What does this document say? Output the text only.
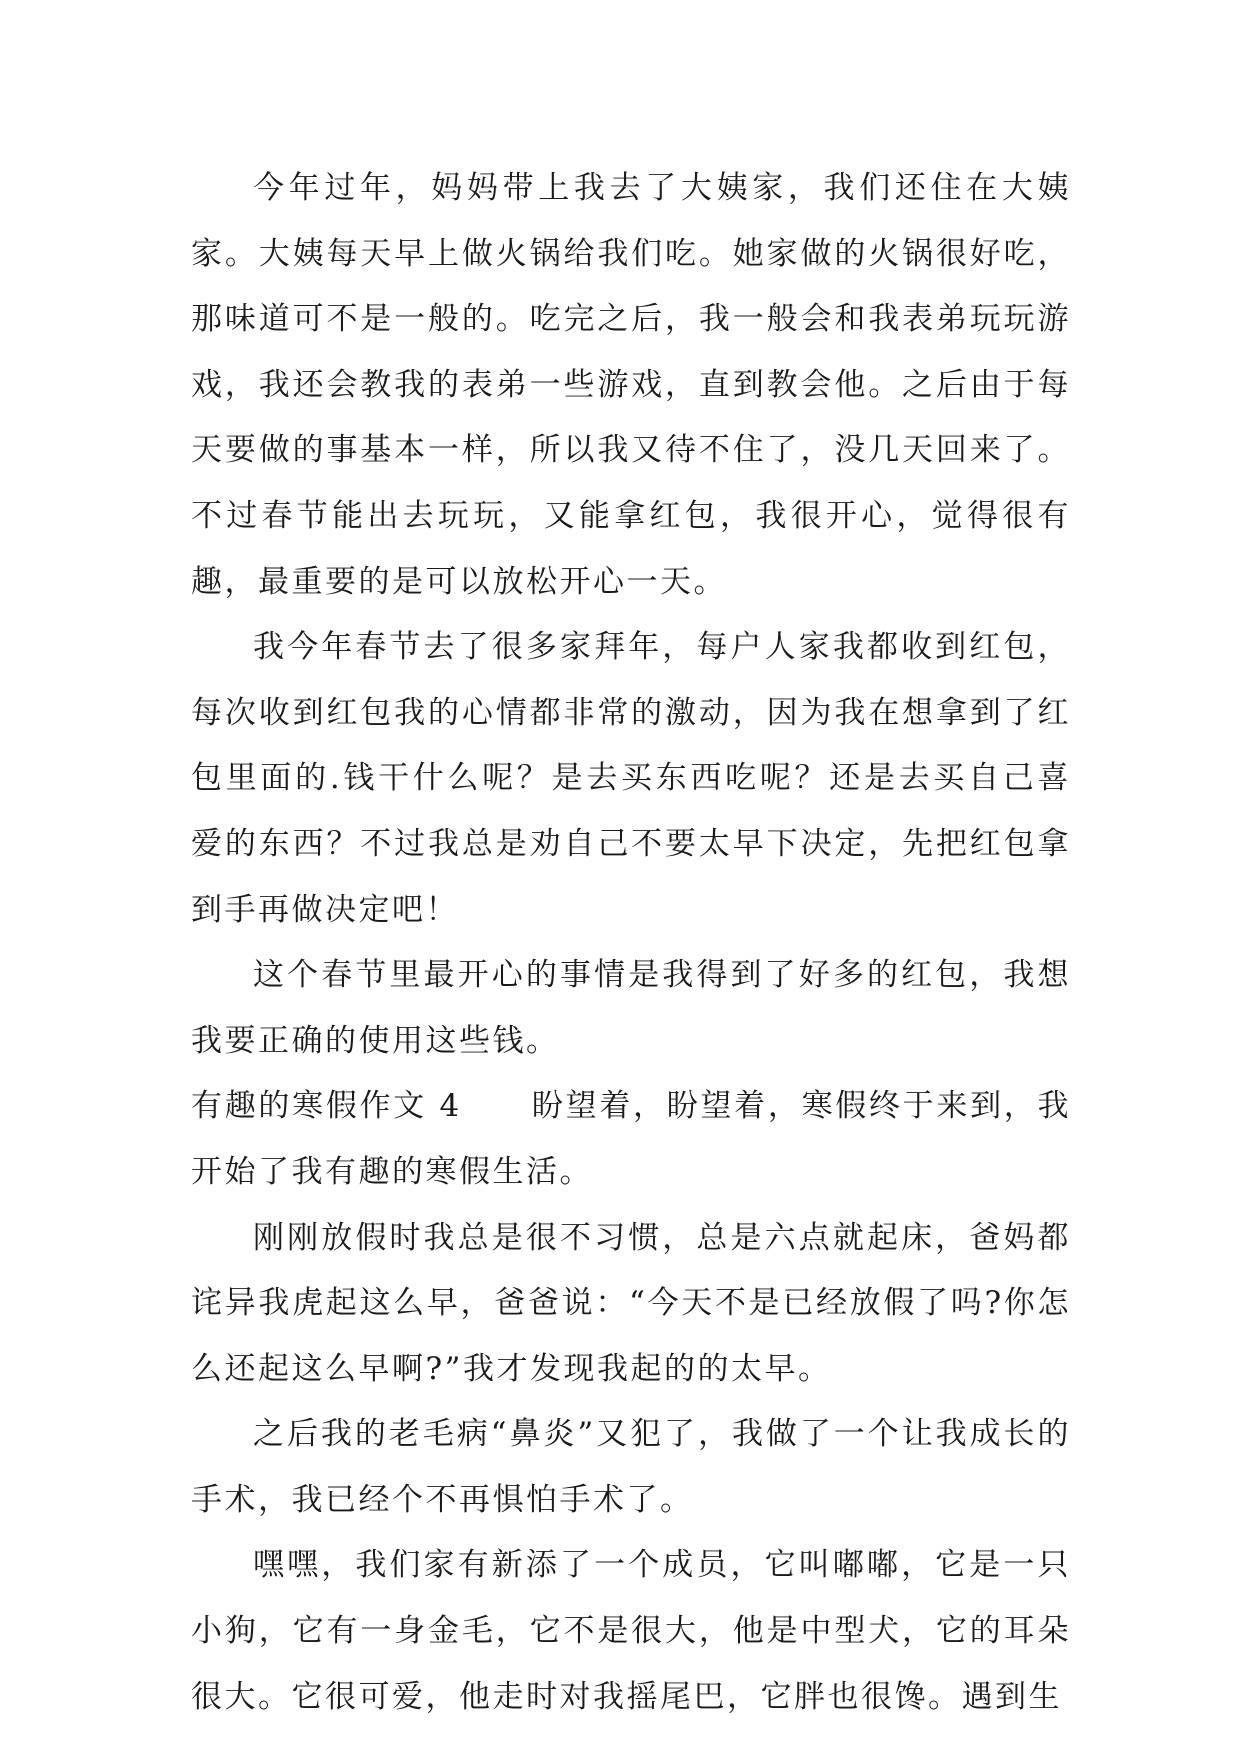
今年过年，妈妈带上我去了大姨家，我们还住在大姨家。大姨每天早上做火锅给我们吃。她家做的火锅很好吃，那味道可不是一般的。吃完之后，我一般会和我表弟玩玩游戏，我还会教我的表弟一些游戏，直到教会他。之后由于每天要做的事基本一样，所以我又待不住了，没几天回来了。不过春节能出去玩玩，又能拿红包，我很开心，觉得很有趣，最重要的是可以放松开心一天。

我今年春节去了很多家拜年，每户人家我都收到红包，每次收到红包我的心情都非常的激动，因为我在想拿到了红包里面的.钱干什么呢？是去买东西吃呢？还是去买自己喜爱的东西？不过我总是劝自己不要太早下决定，先把红包拿到手再做决定吧！

这个春节里最开心的事情是我得到了好多的红包，我想我要正确的使用这些钱。

有趣的寒假作文 4 盼望着，盼望着，寒假终于来到，我开始了我有趣的寒假生活。

刚刚放假时我总是很不习惯，总是六点就起床，爸妈都诧异我虎起这么早，爸爸说：“今天不是已经放假了吗?你怎么还起这么早啊?”我才发现我起的的太早。

之后我的老毛病“鼻炎”又犯了，我做了一个让我成长的手术，我已经个不再惧怕手术了。

嘿嘿，我们家有新添了一个成员，它叫嘟嘟，它是一只小狗，它有一身金毛，它不是很大，他是中型犬，它的耳朵很大。它很可爱，他走时对我摇尾巴，它胖也很馋。遇到生
